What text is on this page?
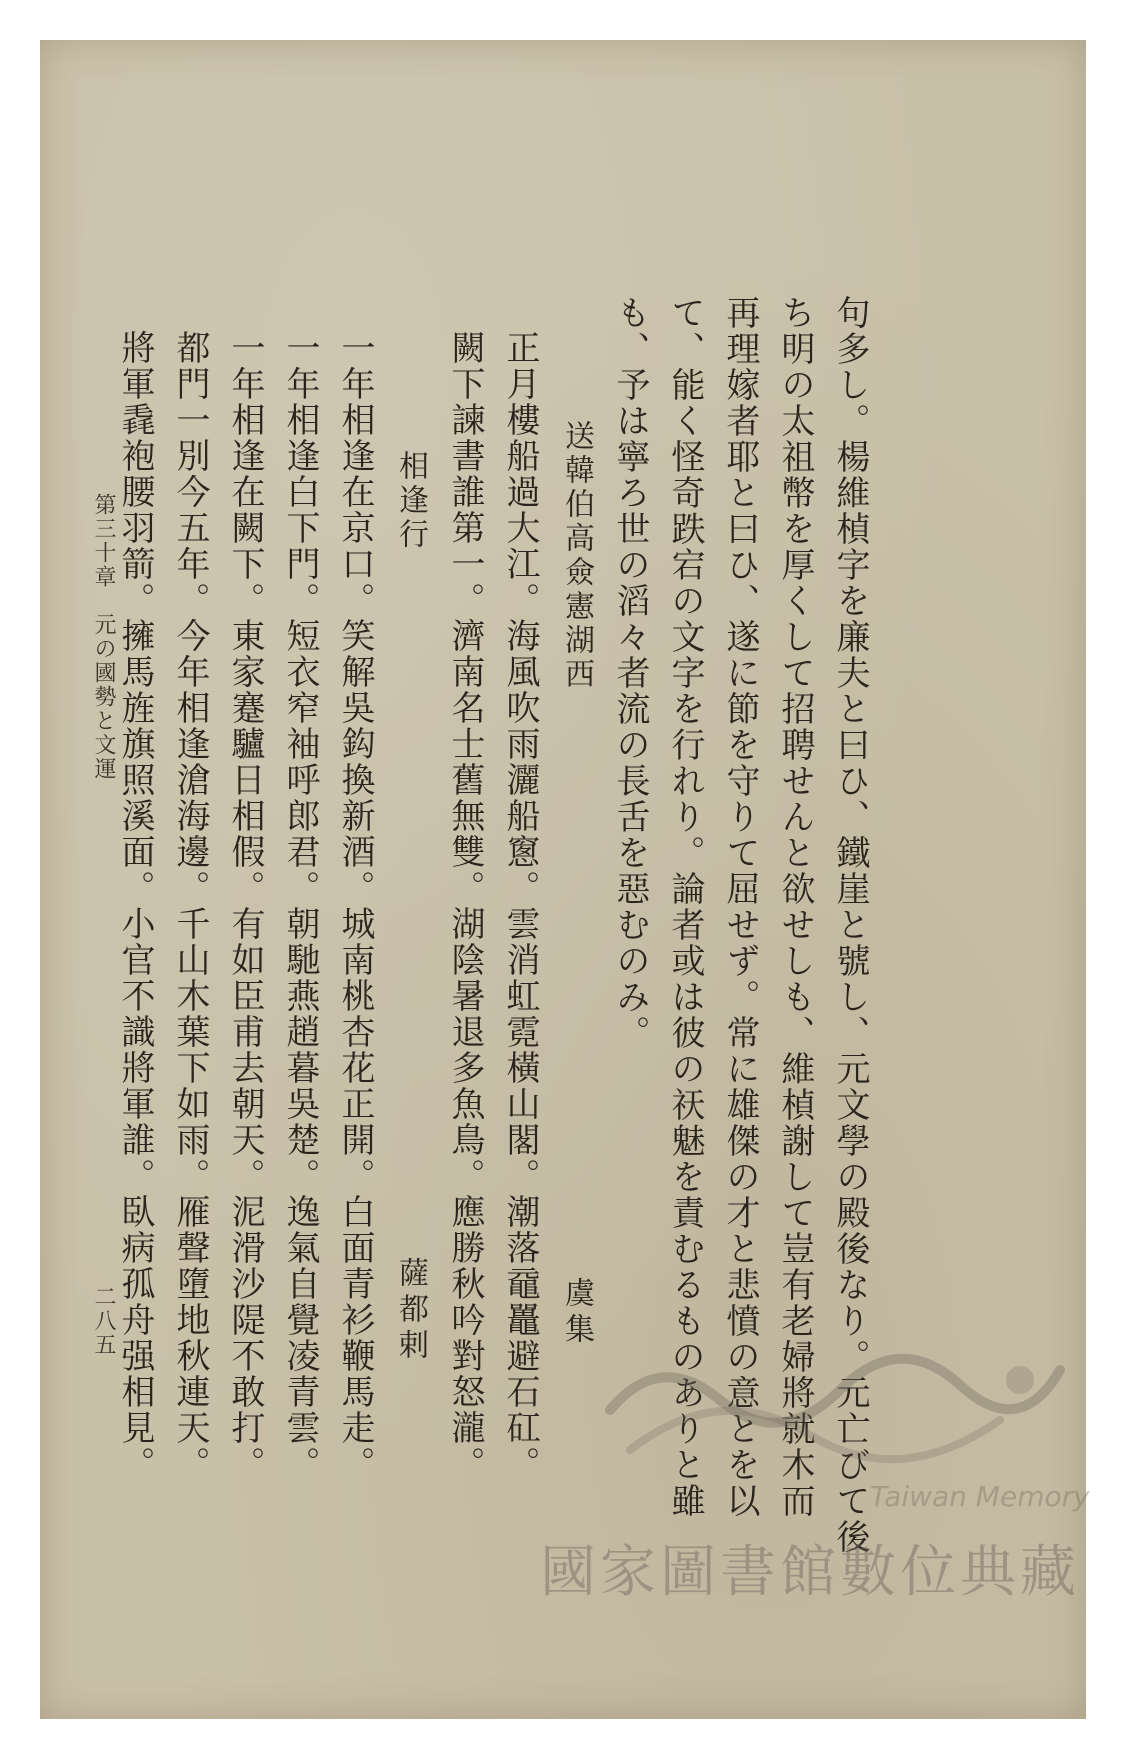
句多し。楊維楨字を廉夫と曰ひ、鐵崖と號し、元文學の殿後なり。元亡びて後
ち明の太祖幣を厚くして招聘せんと欲せしも、維楨謝して豈有老婦將就木而
再理嫁者耶と曰ひ、遂に節を守りて屈せず。常に雄傑の才と悲憤の意とを以
て、能く怪奇跌宕の文字を行れり。論者或は彼の祆魅を責むるものありと雖
も、予は寧ろ世の滔々者流の長舌を惡むのみ。
送韓伯高僉憲湖西
虞集
正月樓船過大江。海風吹雨灑船窻。雲消虹霓橫山閣。潮落黿鼉避石矼。
闕下諫書誰第一。濟南名士舊無雙。湖陰暑退多魚鳥。應勝秋吟對怒瀧。
相逢行
薩都剌
一年相逢在京口。笑解吳鈎換新酒。城南桃杏花正開。白面青衫鞭馬走。
一年相逢白下門。短衣窄袖呼郎君。朝馳燕趙暮吳楚。逸氣自覺凌青雲。
一年相逢在闕下。東家蹇驢日相假。有如臣甫去朝天。泥滑沙隄不敢打。
都門一別今五年。今年相逢滄海邊。千山木葉下如雨。雁聲墮地秋連天。
將軍毳袍腰羽箭。擁馬旌旗照溪面。小官不識將軍誰。臥病孤舟强相見。
第三十章　元の國勢と文運
二八五
Taiwan Memory
國家圖書館數位典藏
